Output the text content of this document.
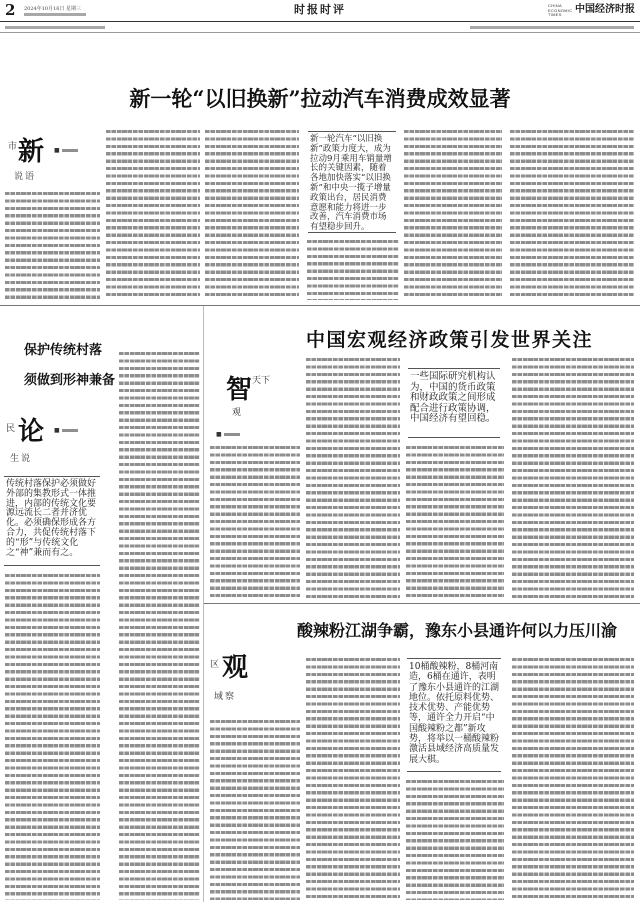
2 2024年10月16日 星期三	时报时评	CHINA
ECONOMIC
TIMES	中国经济时报
新一轮“以旧换新”拉动汽车消费成效显著
市 新
说语
■
新一轮汽车“以旧换新”政策力度大，成为拉动9月乘用车销量增长的关键因素，随着各地加快落实“以旧换新”和中央一揽子增量政策出台，居民消费意愿和能力将进一步改善，汽车消费市场有望稳步回升。
保护传统村落
须做到形神兼备
民 论
生说
■
传统村落保护必须做好外部的集教形式一体推进，内部的传统文化要源远流长二者并济优化。必须确保形成各方合力，共促传统村落下的“形”与传统文化之“神”兼而有之。
中国宏观经济政策引发世界关注
智 天下
观
■
一些国际研究机构认为，中国的货币政策和财政政策之间形成配合进行政策协调，中国经济有望回稳。
酸辣粉江湖争霸，豫东小县通许何以力压川渝
区 观
域察
10桶酸辣粉，8桶河南造，6桶在通许，表明了豫东小县通许的江湖地位。依托原料优势、技术优势、产能优势等，通许全力开启“中国酸辣粉之都”新攻势，将举以一桶酸辣粉激活县域经济高质量发展大棋。
